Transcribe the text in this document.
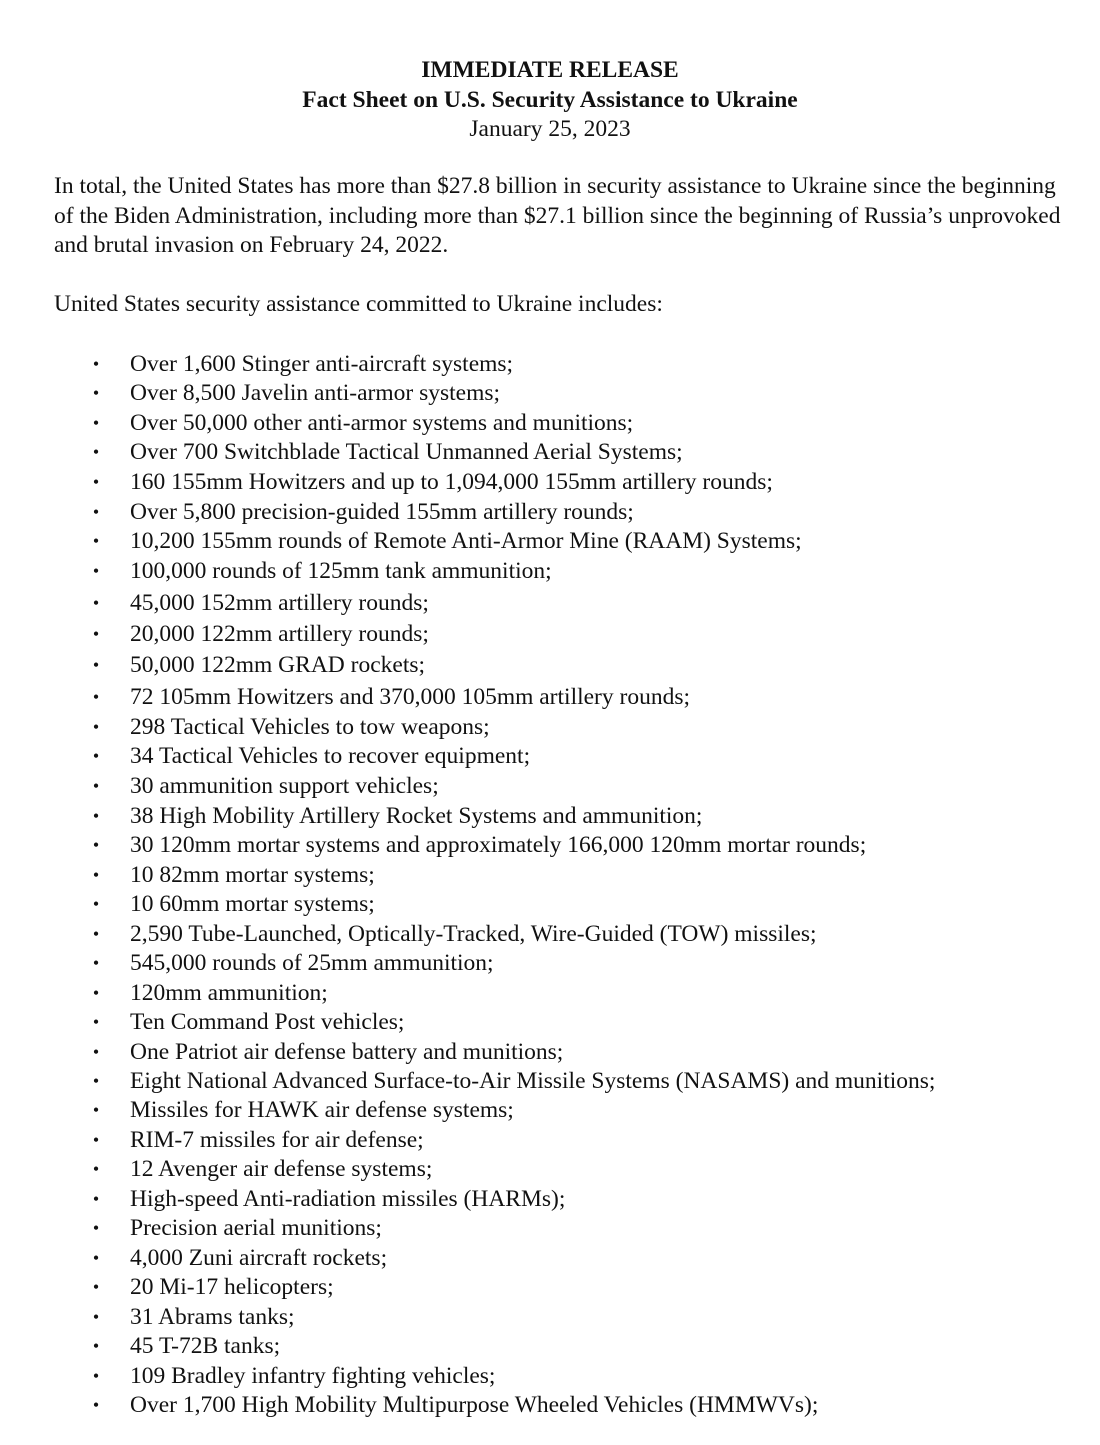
IMMEDIATE RELEASE
Fact Sheet on U.S. Security Assistance to Ukraine
January 25, 2023

In total, the United States has more than $27.8 billion in security assistance to Ukraine since the beginning of the Biden Administration, including more than $27.1 billion since the beginning of Russia’s unprovoked and brutal invasion on February 24, 2022.

United States security assistance committed to Ukraine includes:

• Over 1,600 Stinger anti-aircraft systems;
• Over 8,500 Javelin anti-armor systems;
• Over 50,000 other anti-armor systems and munitions;
• Over 700 Switchblade Tactical Unmanned Aerial Systems;
• 160 155mm Howitzers and up to 1,094,000 155mm artillery rounds;
• Over 5,800 precision-guided 155mm artillery rounds;
• 10,200 155mm rounds of Remote Anti-Armor Mine (RAAM) Systems;
• 100,000 rounds of 125mm tank ammunition;
• 45,000 152mm artillery rounds;
• 20,000 122mm artillery rounds;
• 50,000 122mm GRAD rockets;
• 72 105mm Howitzers and 370,000 105mm artillery rounds;
• 298 Tactical Vehicles to tow weapons;
• 34 Tactical Vehicles to recover equipment;
• 30 ammunition support vehicles;
• 38 High Mobility Artillery Rocket Systems and ammunition;
• 30 120mm mortar systems and approximately 166,000 120mm mortar rounds;
• 10 82mm mortar systems;
• 10 60mm mortar systems;
• 2,590 Tube-Launched, Optically-Tracked, Wire-Guided (TOW) missiles;
• 545,000 rounds of 25mm ammunition;
• 120mm ammunition;
• Ten Command Post vehicles;
• One Patriot air defense battery and munitions;
• Eight National Advanced Surface-to-Air Missile Systems (NASAMS) and munitions;
• Missiles for HAWK air defense systems;
• RIM-7 missiles for air defense;
• 12 Avenger air defense systems;
• High-speed Anti-radiation missiles (HARMs);
• Precision aerial munitions;
• 4,000 Zuni aircraft rockets;
• 20 Mi-17 helicopters;
• 31 Abrams tanks;
• 45 T-72B tanks;
• 109 Bradley infantry fighting vehicles;
• Over 1,700 High Mobility Multipurpose Wheeled Vehicles (HMMWVs);
